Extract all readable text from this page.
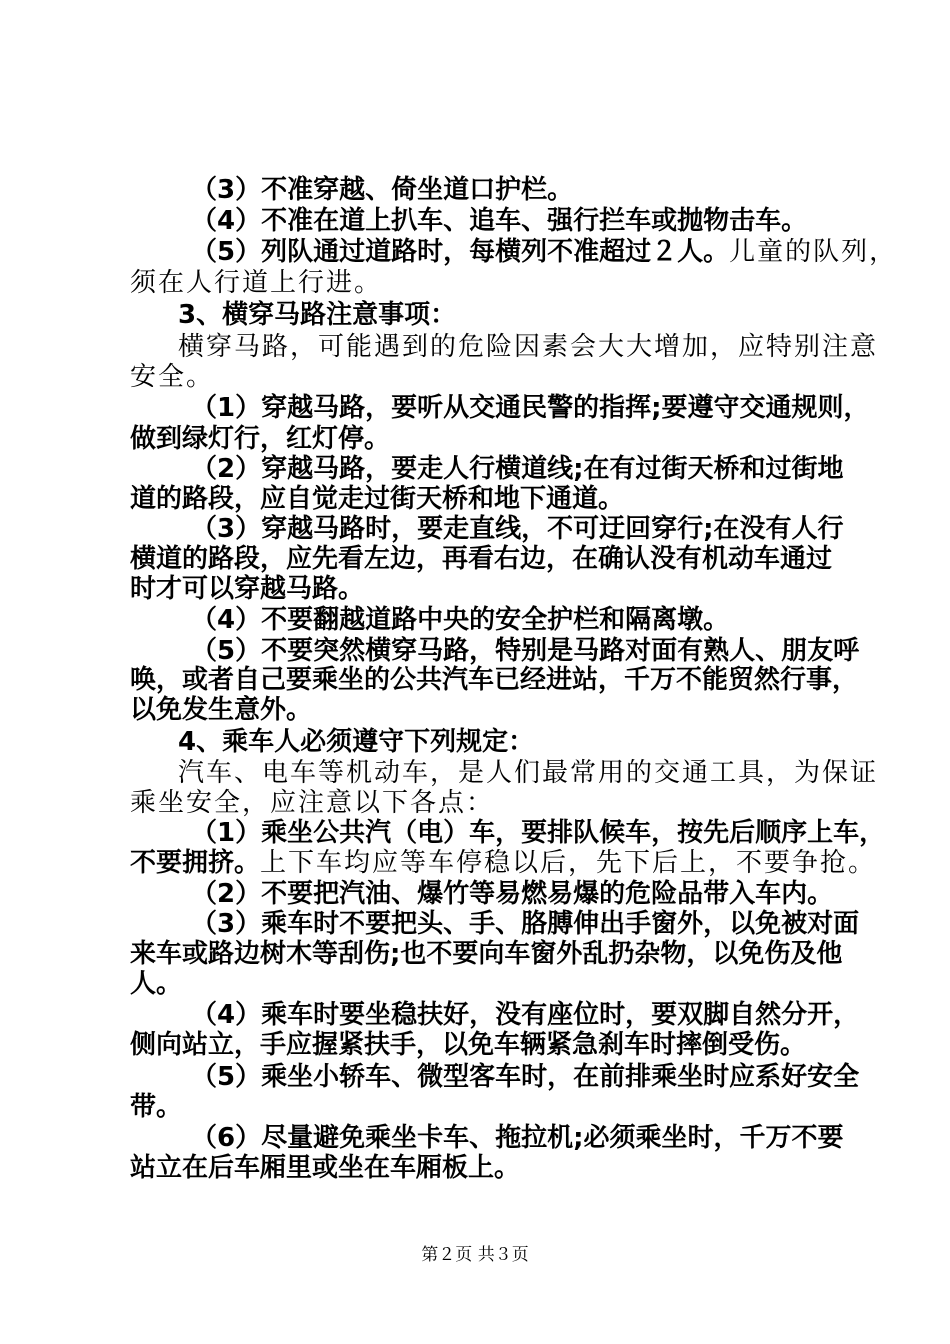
（3）不准穿越、倚坐道口护栏。
（4）不准在道上扒车、追车、强行拦车或抛物击车。
（5）列队通过道路时，每横列不准超过２人。儿童的队列，
须在人行道上行进。
3、横穿马路注意事项：
横穿马路，可能遇到的危险因素会大大增加，应特别注意
安全。
（1）穿越马路，要听从交通民警的指挥;要遵守交通规则，
做到绿灯行，红灯停。
（2）穿越马路，要走人行横道线;在有过街天桥和过街地
道的路段，应自觉走过街天桥和地下通道。
（3）穿越马路时，要走直线，不可迂回穿行;在没有人行
横道的路段，应先看左边，再看右边，在确认没有机动车通过
时才可以穿越马路。
（4）不要翻越道路中央的安全护栏和隔离墩。
（5）不要突然横穿马路，特别是马路对面有熟人、朋友呼
唤，或者自己要乘坐的公共汽车已经进站，千万不能贸然行事，
以免发生意外。
4、乘车人必须遵守下列规定：
汽车、电车等机动车，是人们最常用的交通工具，为保证
乘坐安全，应注意以下各点：
（1）乘坐公共汽（电）车，要排队候车，按先后顺序上车，
不要拥挤。上下车均应等车停稳以后，先下后上，不要争抢。
（2）不要把汽油、爆竹等易燃易爆的危险品带入车内。
（3）乘车时不要把头、手、胳膊伸出手窗外，以免被对面
来车或路边树木等刮伤;也不要向车窗外乱扔杂物，以免伤及他
人。
（4）乘车时要坐稳扶好，没有座位时，要双脚自然分开，
侧向站立，手应握紧扶手，以免车辆紧急刹车时摔倒受伤。
（5）乘坐小轿车、微型客车时，在前排乘坐时应系好安全
带。
（6）尽量避免乘坐卡车、拖拉机;必须乘坐时，千万不要
站立在后车厢里或坐在车厢板上。
第２页 共３页
